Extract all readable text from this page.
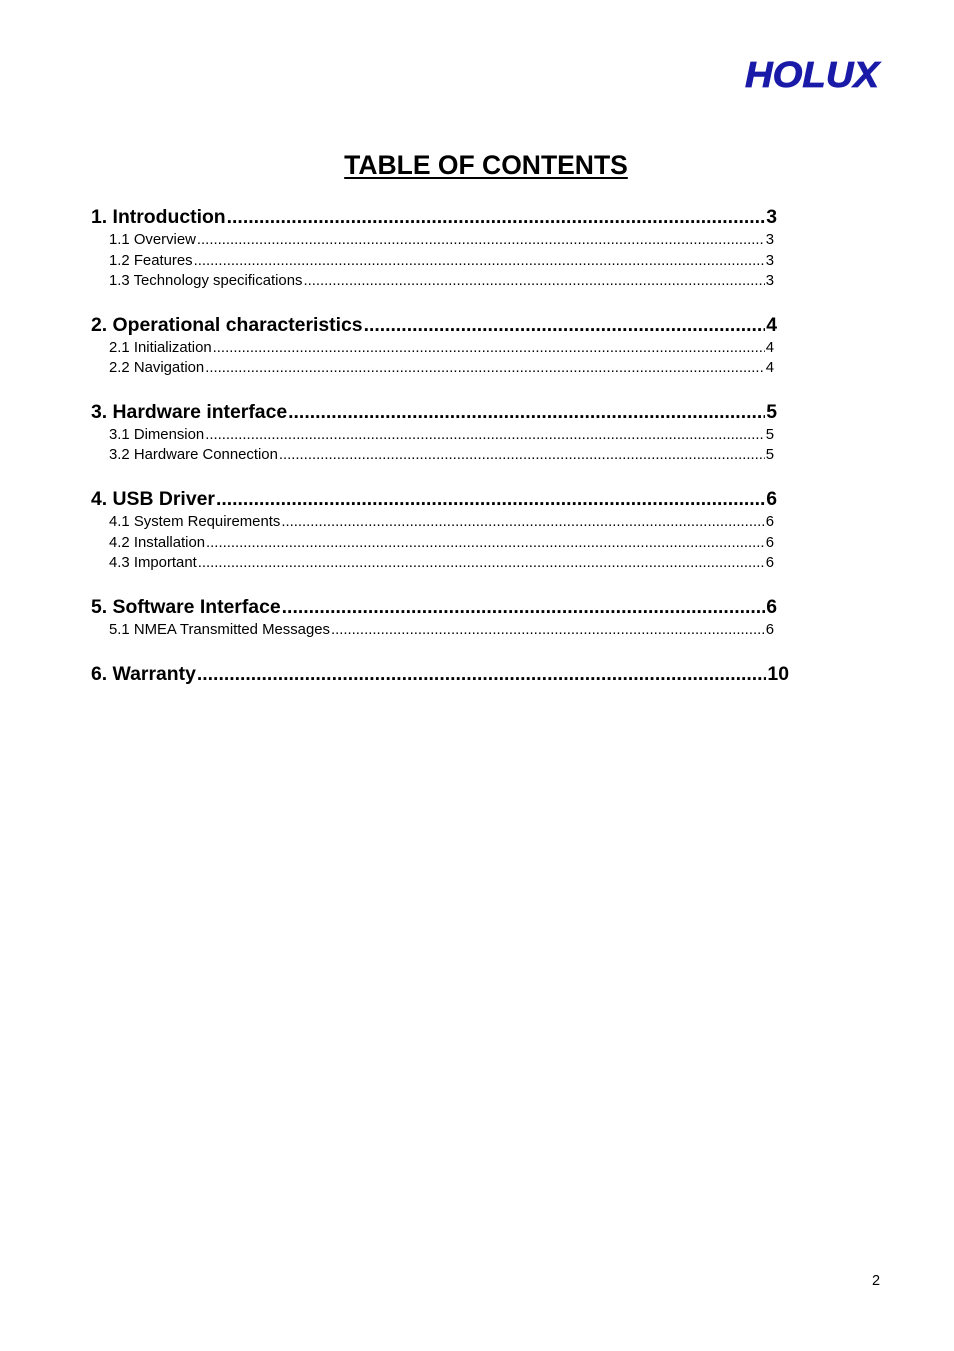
HOLUX
TABLE OF CONTENTS
1. Introduction .....	3
1.1 Overview .....	3
1.2 Features .....	3
1.3 Technology specifications .....	3
2. Operational characteristics .....	4
2.1 Initialization .....	4
2.2 Navigation .....	4
3. Hardware interface .....	5
3.1 Dimension .....	5
3.2 Hardware Connection .....	5
4. USB Driver .....	6
4.1 System Requirements .....	6
4.2 Installation .....	6
4.3 Important .....	6
5. Software Interface .....	6
5.1 NMEA Transmitted Messages .....	6
6. Warranty .....	10
2
